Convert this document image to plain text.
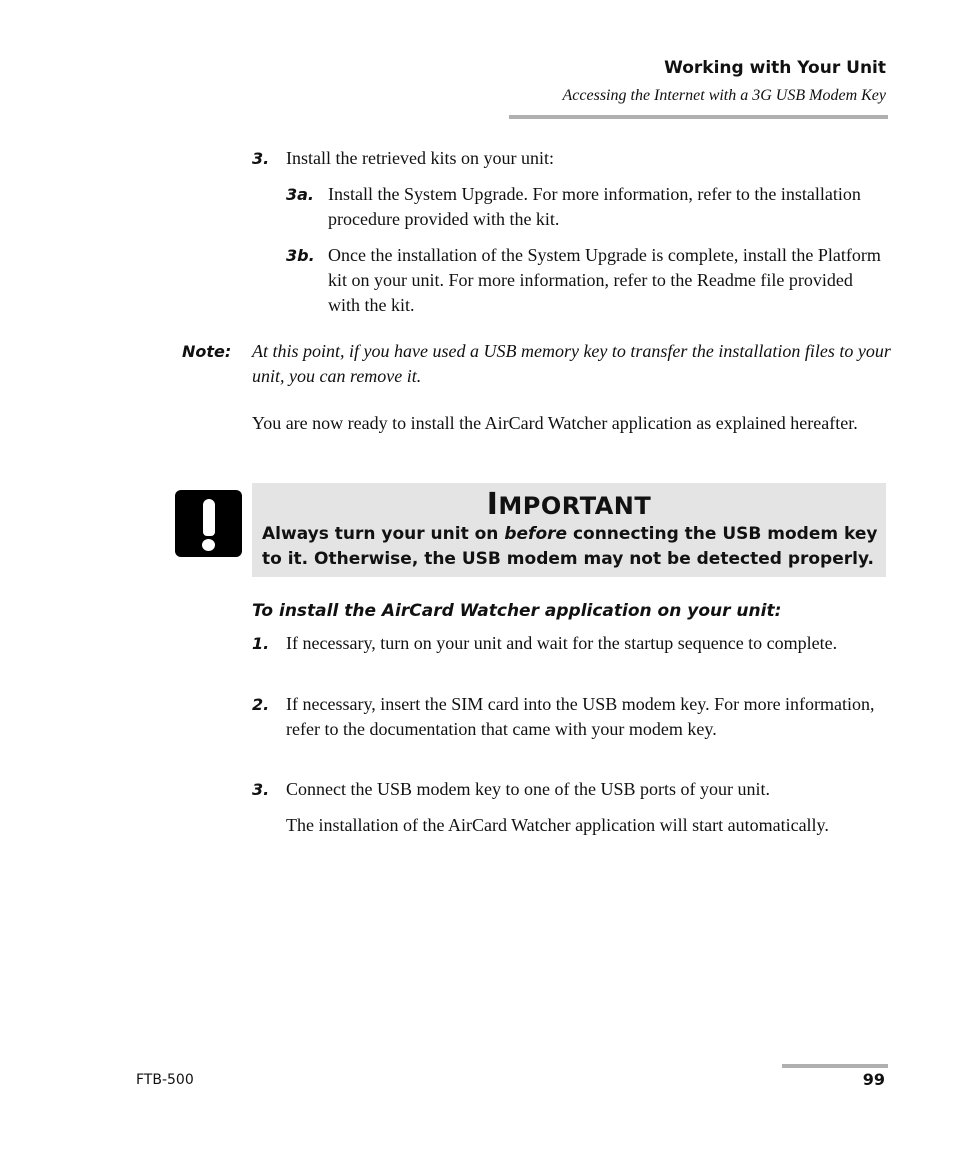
Working with Your Unit
Accessing the Internet with a 3G USB Modem Key
3. Install the retrieved kits on your unit:
3a. Install the System Upgrade. For more information, refer to the installation procedure provided with the kit.
3b. Once the installation of the System Upgrade is complete, install the Platform kit on your unit. For more information, refer to the Readme file provided with the kit.
Note: At this point, if you have used a USB memory key to transfer the installation files to your unit, you can remove it.
You are now ready to install the AirCard Watcher application as explained hereafter.
IMPORTANT
Always turn your unit on before connecting the USB modem key to it. Otherwise, the USB modem may not be detected properly.
To install the AirCard Watcher application on your unit:
1. If necessary, turn on your unit and wait for the startup sequence to complete.
2. If necessary, insert the SIM card into the USB modem key. For more information, refer to the documentation that came with your modem key.
3. Connect the USB modem key to one of the USB ports of your unit.
The installation of the AirCard Watcher application will start automatically.
FTB-500	99
